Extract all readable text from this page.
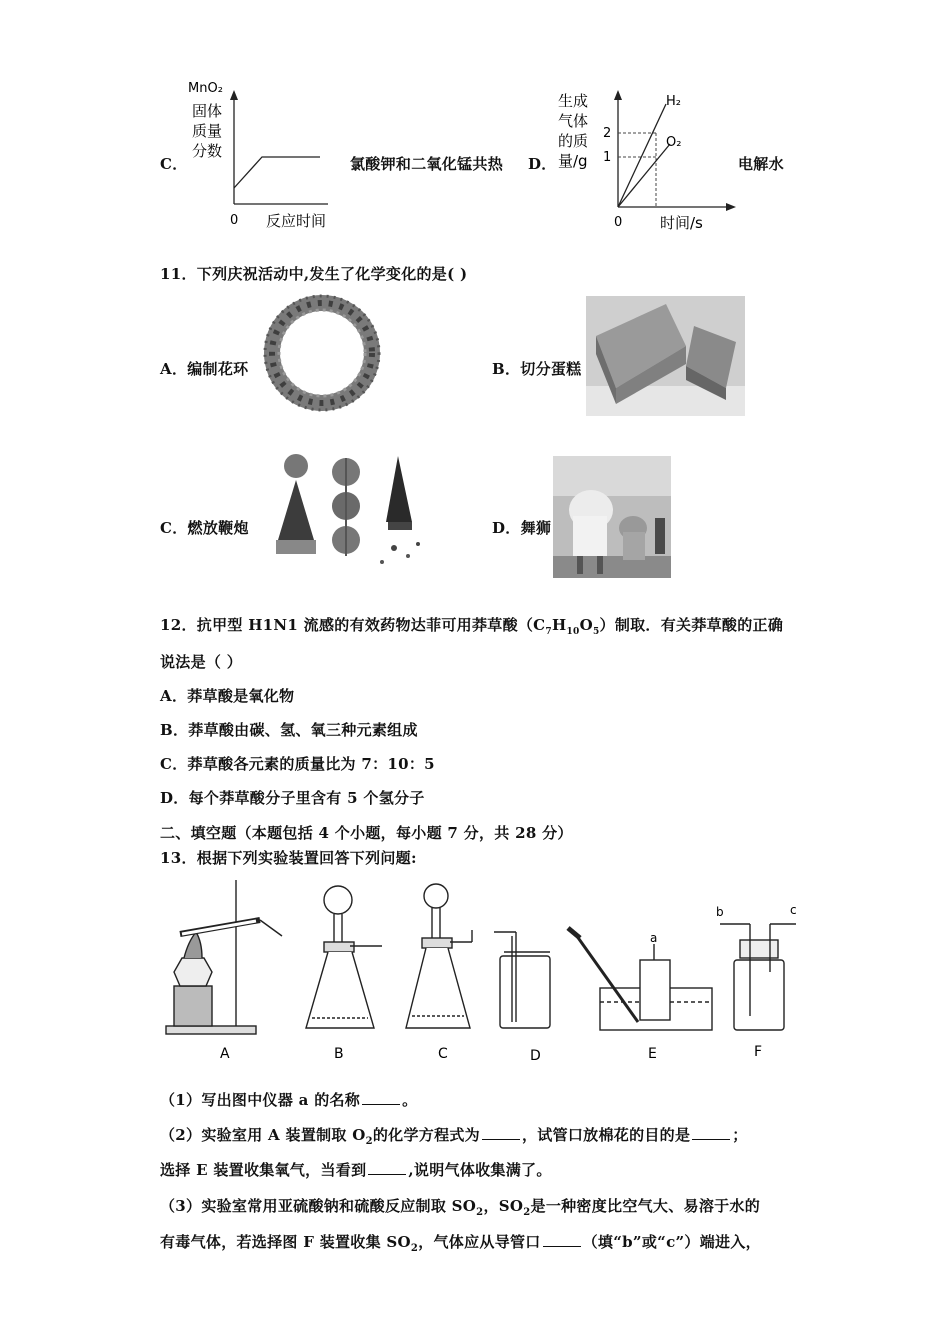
MnO₂
固体
质量
分数
0 反应时间
C．	氯酸钾和二氧化锰共热 D．
生成
气体
的质
量/g
2
1
0	时间/s
H₂
O₂
电解水
11．下列庆祝活动中,发生了化学变化的是( )
A．编制花环	B．切分蛋糕
C．燃放鞭炮	D．舞狮
12．抗甲型 H1N1 流感的有效药物达菲可用莽草酸$(C_7H_{10}O_5)$制取．有关莽草酸的正确
说法是（ ）
A．莽草酸是氧化物
B．莽草酸由碳、氢、氧三种元素组成
C．莽草酸各元素的质量比为 7：10：5
D．每个莽草酸分子里含有 5 个氢分子
二、填空题（本题包括 4 个小题，每小题 7 分，共 28 分）
13．根据下列实验装置回答下列问题:
a
b	c
A	B	C	D	E	F
（1）写出图中仪器 a 的名称	。
（2）实验室用 A 装置制取 $O_2$的化学方程式为	，试管口放棉花的目的是	；
选择 E 装置收集氧气，当看到	,说明气体收集满了。
（3）实验室常用亚硫酸钠和硫酸反应制取 $SO_2$，$SO_2$是一种密度比空气大、易溶于水的
有毒气体，若选择图 F 装置收集 $SO_2$，气体应从导管口	（填“b”或“c”）端进入，
